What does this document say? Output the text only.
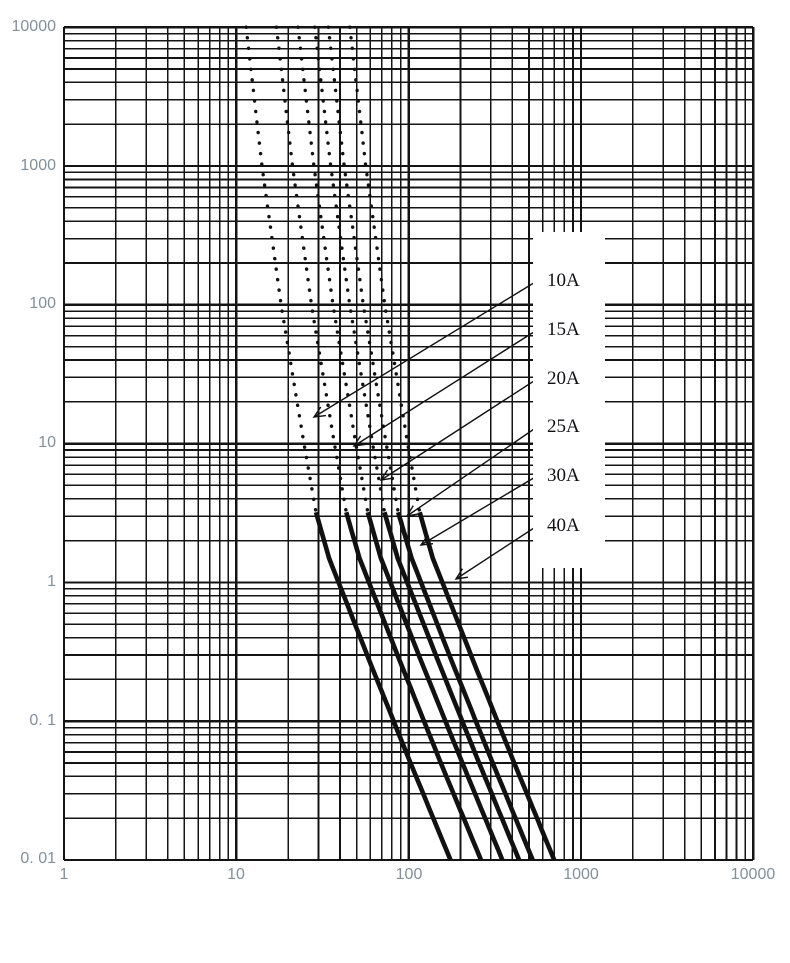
10000
1000
100
10
1
0. 1
0. 01
1	10	100	1000	10000
10A
15A
20A
25A
30A
40A
